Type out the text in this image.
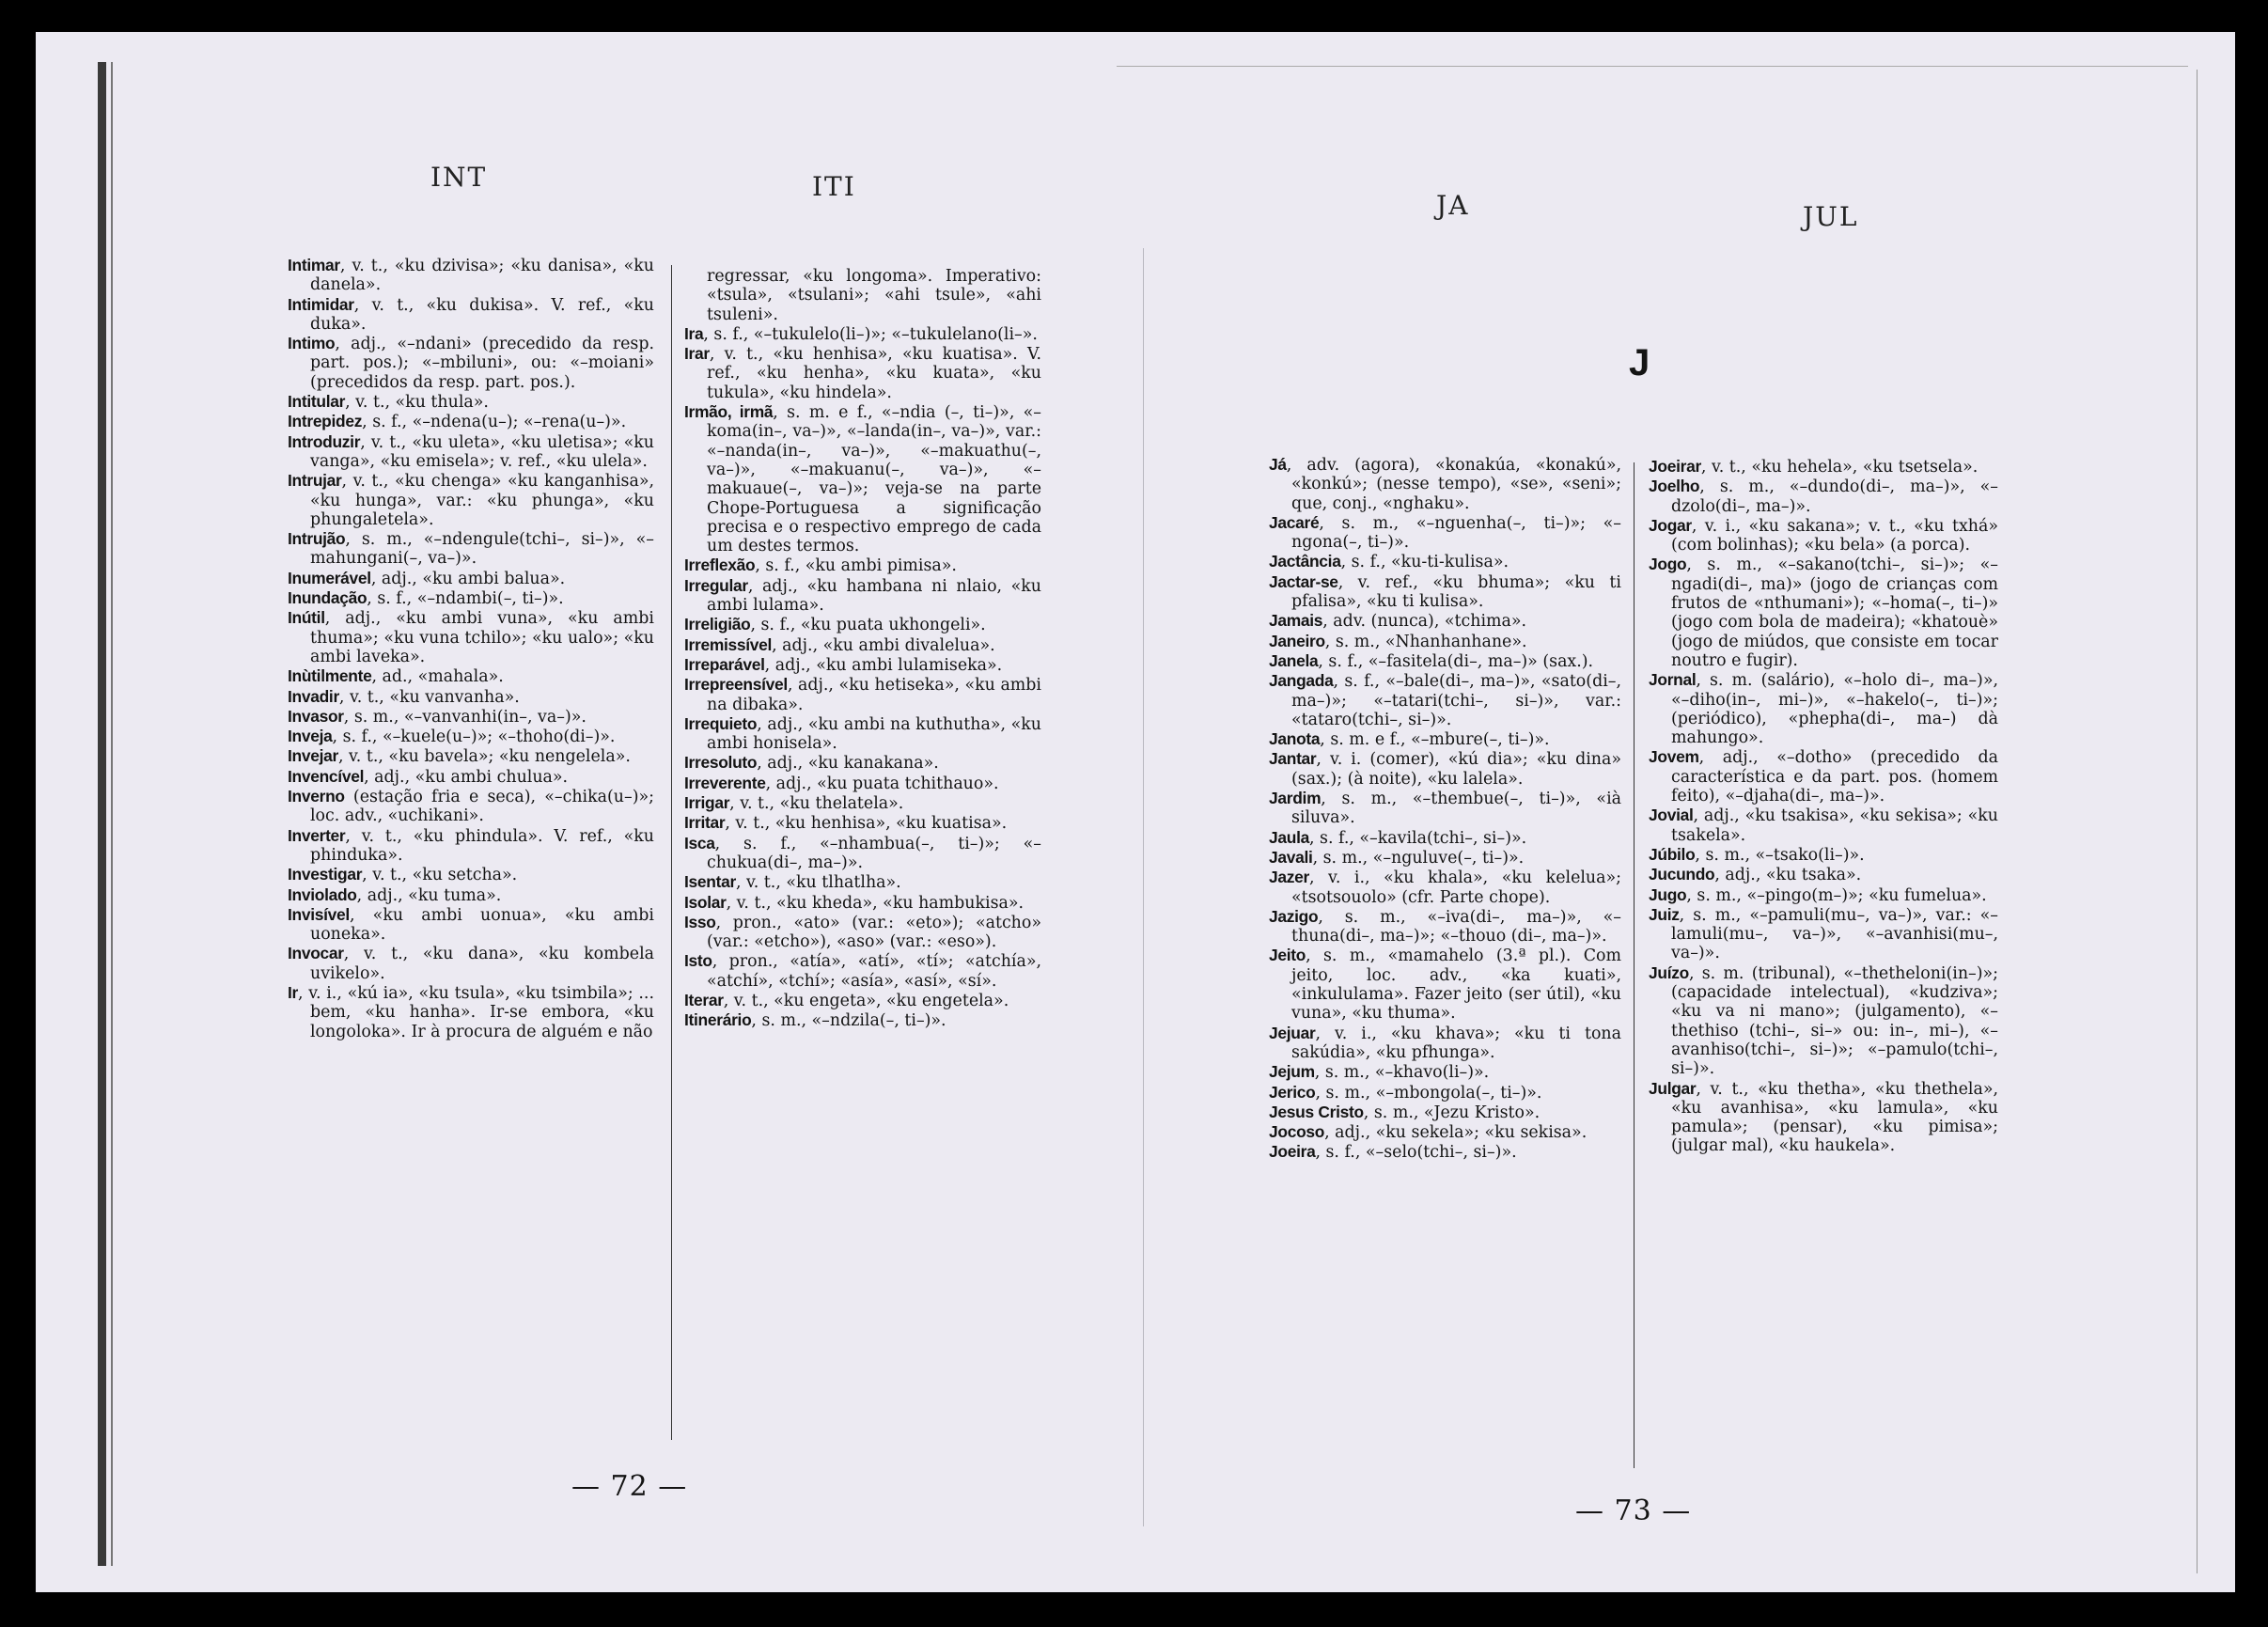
INT	ITI

Intimar, v. t., «ku dzivisa»; «ku danisa», «ku danela».

Intimidar, v. t., «ku dukisa». V. ref., «ku duka».

Intimo, adj., «–ndani» (precedido da resp. part. pos.); «–mbiluni», ou: «–moiani» (precedidos da resp. part. pos.).

Intitular, v. t., «ku thula».

Intrepidez, s. f., «–ndena(u–); «–rena(u–)».

Introduzir, v. t., «ku uleta», «ku uletisa»; «ku vanga», «ku emisela»; v. ref., «ku ulela».

Intrujar, v. t., «ku chenga» «ku kanganhisa», «ku hunga», var.: «ku phunga», «ku phungaletela».

Intrujão, s. m., «–ndengule(tchi–, si–)», «–mahungani(–, va–)».

Inumerável, adj., «ku ambi balua».

Inundação, s. f., «–ndambi(–, ti–)».

Inútil, adj., «ku ambi vuna», «ku ambi thuma»; «ku vuna tchilo»; «ku ualo»; «ku ambi laveka».

Inùtilmente, ad., «mahala».

Invadir, v. t., «ku vanvanha».

Invasor, s. m., «–vanvanhi(in–, va–)».

Inveja, s. f., «–kuele(u–)»; «–thoho(di–)».

Invejar, v. t., «ku bavela»; «ku nengelela».

Invencível, adj., «ku ambi chulua».

Inverno (estação fria e seca), «–chika(u–)»; loc. adv., «uchikani».

Inverter, v. t., «ku phindula». V. ref., «ku phinduka».

Investigar, v. t., «ku setcha».

Inviolado, adj., «ku tuma».

Invisível, «ku ambi uonua», «ku ambi uoneka».

Invocar, v. t., «ku dana», «ku kombela uvikelo».

Ir, v. i., «kú ia», «ku tsula», «ku tsimbila»; ... bem, «ku hanha». Ir-se embora, «ku longoloka». Ir à procura de alguém e não

regressar, «ku longoma». Imperativo: «tsula», «tsulani»; «ahi tsule», «ahi tsuleni».

Ira, s. f., «–tukulelo(li–)»; «–tukulelano(li–».

Irar, v. t., «ku henhisa», «ku kuatisa». V. ref., «ku henha», «ku kuata», «ku tukula», «ku hindela».

Irmão, irmã, s. m. e f., «–ndia (–, ti–)», «–koma(in–, va–)», «–landa(in–, va–)», var.: «–nanda(in–, va–)», «–makuathu(–, va–)», «–makuanu(–, va–)», «–makuaue(–, va–)»; veja-se na parte Chope-Portuguesa a significação precisa e o respectivo emprego de cada um destes termos.

Irreflexão, s. f., «ku ambi pimisa».

Irregular, adj., «ku hambana ni nlaio, «ku ambi lulama».

Irreligião, s. f., «ku puata ukhongeli».

Irremissível, adj., «ku ambi divalelua».

Irreparável, adj., «ku ambi lulamiseka».

Irrepreensível, adj., «ku hetiseka», «ku ambi na dibaka».

Irrequieto, adj., «ku ambi na kuthutha», «ku ambi honisela».

Irresoluto, adj., «ku kanakana».

Irreverente, adj., «ku puata tchithauo».

Irrigar, v. t., «ku thelatela».

Irritar, v. t., «ku henhisa», «ku kuatisa».

Isca, s. f., «–nhambua(–, ti–)»; «–chukua(di–, ma–)».

Isentar, v. t., «ku tlhatlha».

Isolar, v. t., «ku kheda», «ku hambukisa».

Isso, pron., «ato» (var.: «eto»); «atcho» (var.: «etcho»), «aso» (var.: «eso»).

Isto, pron., «atía», «atí», «tí»; «atchía», «atchí», «tchí»; «asía», «así», «sí».

Iterar, v. t., «ku engeta», «ku engetela».

Itinerário, s. m., «–ndzila(–, ti–)».

— 72 —
JA	JUL
J

Já, adv. (agora), «konakúa, «konakú», «konkú»; (nesse tempo), «se», «seni»; que, conj., «nghaku».

Jacaré, s. m., «–nguenha(–, ti–)»; «–ngona(–, ti–)».

Jactância, s. f., «ku-ti-kulisa».

Jactar-se, v. ref., «ku bhuma»; «ku ti pfalisa», «ku ti kulisa».

Jamais, adv. (nunca), «tchima».

Janeiro, s. m., «Nhanhanhane».

Janela, s. f., «–fasitela(di–, ma–)» (sax.).

Jangada, s. f., «–bale(di–, ma–)», «sato(di–, ma–)»; «–tatari(tchi–, si–)», var.: «tataro(tchi–, si–)».

Janota, s. m. e f., «–mbure(–, ti–)».

Jantar, v. i. (comer), «kú dia»; «ku dina» (sax.); (à noite), «ku lalela».

Jardim, s. m., «–thembue(–, ti–)», «ià siluva».

Jaula, s. f., «–kavila(tchi–, si–)».

Javali, s. m., «–nguluve(–, ti–)».

Jazer, v. i., «ku khala», «ku kelelua»; «tsotsouolo» (cfr. Parte chope).

Jazigo, s. m., «–iva(di–, ma–)», «–thuna(di–, ma–)»; «–thouo (di–, ma–)».

Jeito, s. m., «mamahelo (3.ª pl.). Com jeito, loc. adv., «ka kuati», «inkululama». Fazer jeito (ser útil), «ku vuna», «ku thuma».

Jejuar, v. i., «ku khava»; «ku ti tona sakúdia», «ku pfhunga».

Jejum, s. m., «–khavo(li–)».

Jerico, s. m., «–mbongola(–, ti–)».

Jesus Cristo, s. m., «Jezu Kristo».

Jocoso, adj., «ku sekela»; «ku sekisa».

Joeira, s. f., «–selo(tchi–, si–)».

Joeirar, v. t., «ku hehela», «ku tsetsela».

Joelho, s. m., «–dundo(di–, ma–)», «–dzolo(di–, ma–)».

Jogar, v. i., «ku sakana»; v. t., «ku txhá» (com bolinhas); «ku bela» (a porca).

Jogo, s. m., «–sakano(tchi–, si–)»; «–ngadi(di–, ma)» (jogo de crianças com frutos de «nthumani»); «–homa(–, ti–)» (jogo com bola de madeira); «khatouè» (jogo de miúdos, que consiste em tocar noutro e fugir).

Jornal, s. m. (salário), «–holo di–, ma–)», «–diho(in–, mi–)», «–hakelo(–, ti–)»; (periódico), «phepha(di–, ma–) dà mahungo».

Jovem, adj., «–dotho» (precedido da característica e da part. pos. (homem feito), «–djaha(di–, ma–)».

Jovial, adj., «ku tsakisa», «ku sekisa»; «ku tsakela».

Júbilo, s. m., «–tsako(li–)».

Jucundo, adj., «ku tsaka».

Jugo, s. m., «–pingo(m–)»; «ku fumelua».

Juiz, s. m., «–pamuli(mu–, va–)», var.: «–lamuli(mu–, va–)», «–avanhisi(mu–, va–)».

Juízo, s. m. (tribunal), «–thetheloni(in–)»; (capacidade intelectual), «kudziva»; «ku va ni mano»; (julgamento), «–thethiso (tchi–, si–» ou: in–, mi–), «–avanhiso(tchi–, si–)»; «–pamulo(tchi–, si–)».

Julgar, v. t., «ku thetha», «ku thethela», «ku avanhisa», «ku lamula», «ku pamula»; (pensar), «ku pimisa»; (julgar mal), «ku haukela».

— 73 —
